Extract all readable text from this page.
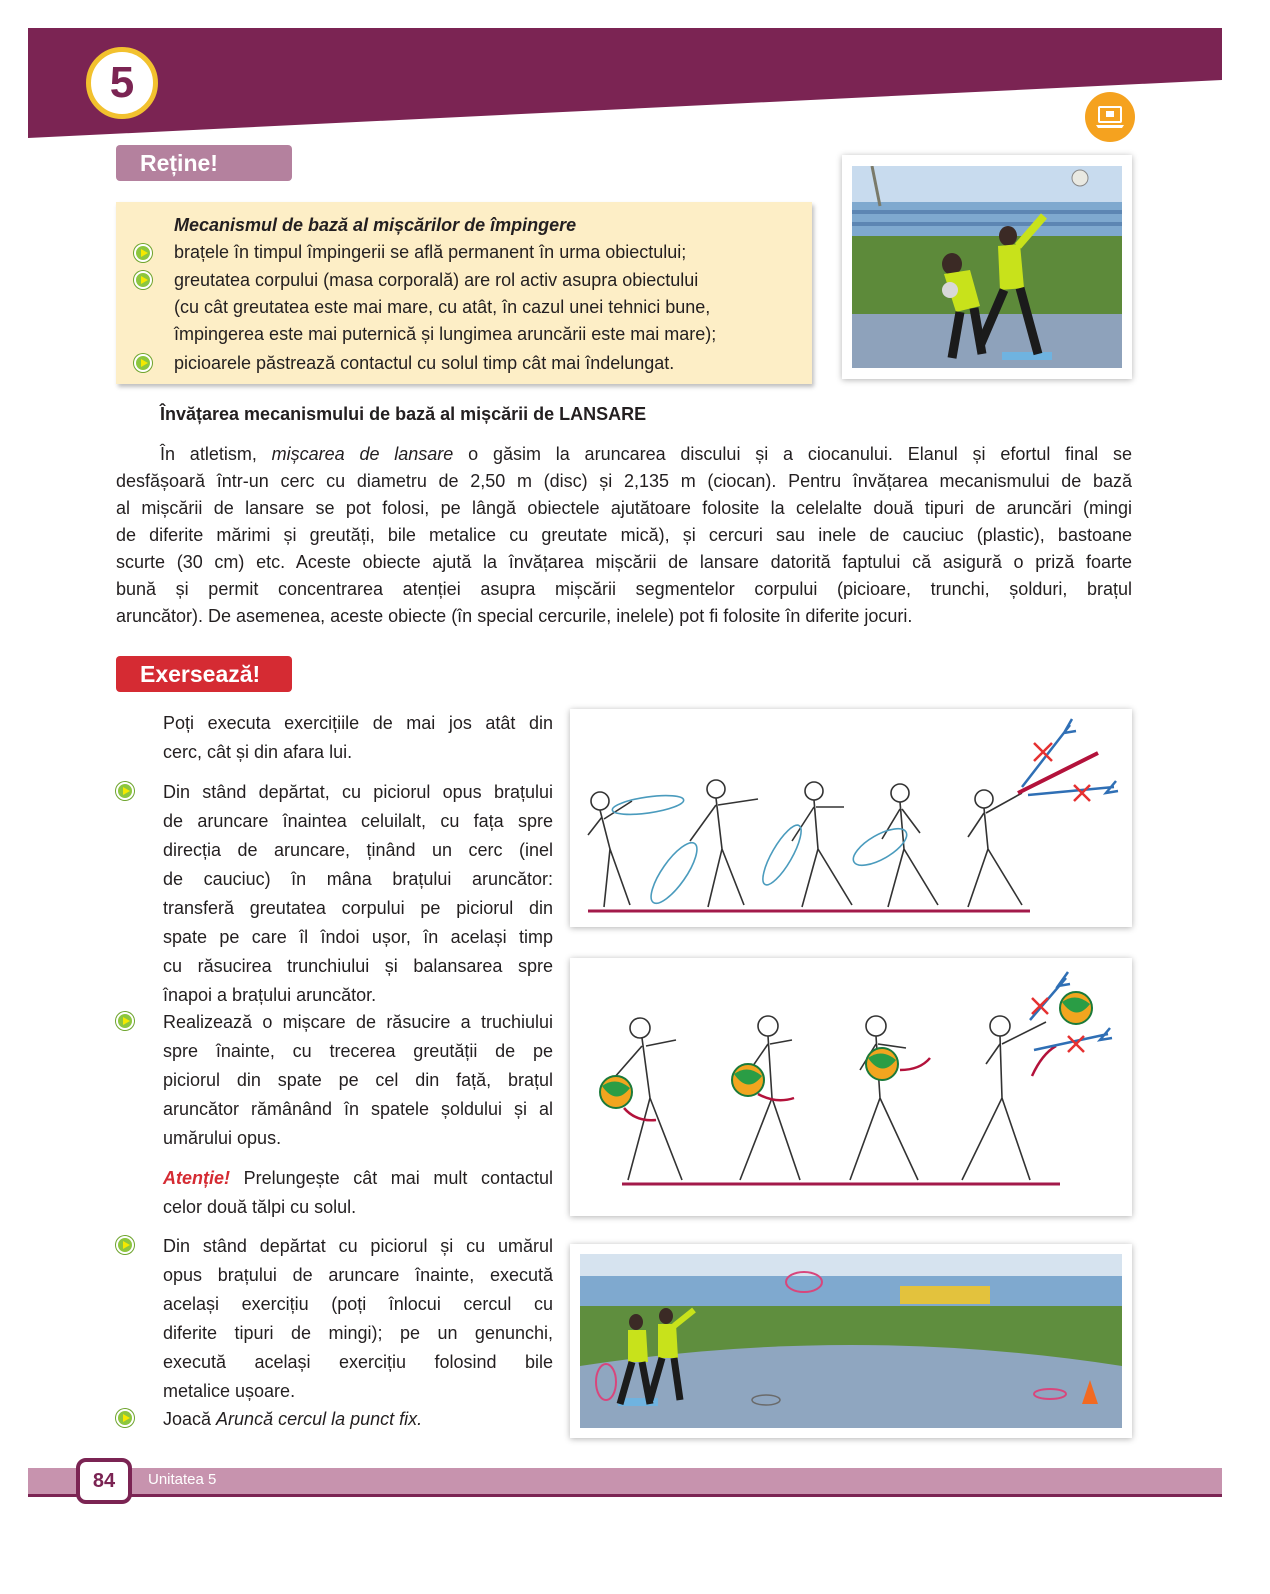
5
Reține!
Mecanismul de bază al mișcărilor de împingere
brațele în timpul împingerii se află permanent în urma obiectului;
greutatea corpului (masa corporală) are rol activ asupra obiectului
(cu cât greutatea este mai mare, cu atât, în cazul unei tehnici bune,
împingerea este mai puternică și lungimea aruncării este mai mare);
picioarele păstrează contactul cu solul timp cât mai îndelungat.
Învățarea mecanismului de bază al mișcării de LANSARE
În atletism, mișcarea de lansare o găsim la aruncarea discului și a ciocanului. Elanul și efortul final se
desfășoară într-un cerc cu diametru de 2,50 m (disc) și 2,135 m (ciocan). Pentru învățarea mecanismului de bază
al mișcării de lansare se pot folosi, pe lângă obiectele ajutătoare folosite la celelalte două tipuri de aruncări (mingi
de diferite mărimi și greutăți, bile metalice cu greutate mică), și cercuri sau inele de cauciuc (plastic), bastoane
scurte (30 cm) etc. Aceste obiecte ajută la învățarea mișcării de lansare datorită faptului că asigură o priză foarte
bună și permit concentrarea atenției asupra mișcării segmentelor corpului (picioare, trunchi, șolduri, brațul
aruncător). De asemenea, aceste obiecte (în special cercurile, inelele) pot fi folosite în diferite jocuri.
Exersează!
Poți executa exercițiile de mai jos atât din
cerc, cât și din afara lui.
Din stând depărtat, cu piciorul opus brațului
de aruncare înaintea celuilalt, cu fața spre
direcția de aruncare, ținând un cerc (inel
de cauciuc) în mâna brațului aruncător:
transferă greutatea corpului pe piciorul din
spate pe care îl îndoi ușor, în același timp
cu răsucirea trunchiului și balansarea spre
înapoi a brațului aruncător.
Realizează o mișcare de răsucire a truchiului
spre înainte, cu trecerea greutății de pe
piciorul din spate pe cel din față, brațul
aruncător rămânând în spatele șoldului și al
umărului opus.
Atenție! Prelungește cât mai mult contactul
celor două tălpi cu solul.
Din stând depărtat cu piciorul și cu umărul
opus brațului de aruncare înainte, execută
același exercițiu (poți înlocui cercul cu
diferite tipuri de mingi); pe un genunchi,
execută același exercițiu folosind bile
metalice ușoare.
Joacă Aruncă cercul la punct fix.
84	Unitatea 5
